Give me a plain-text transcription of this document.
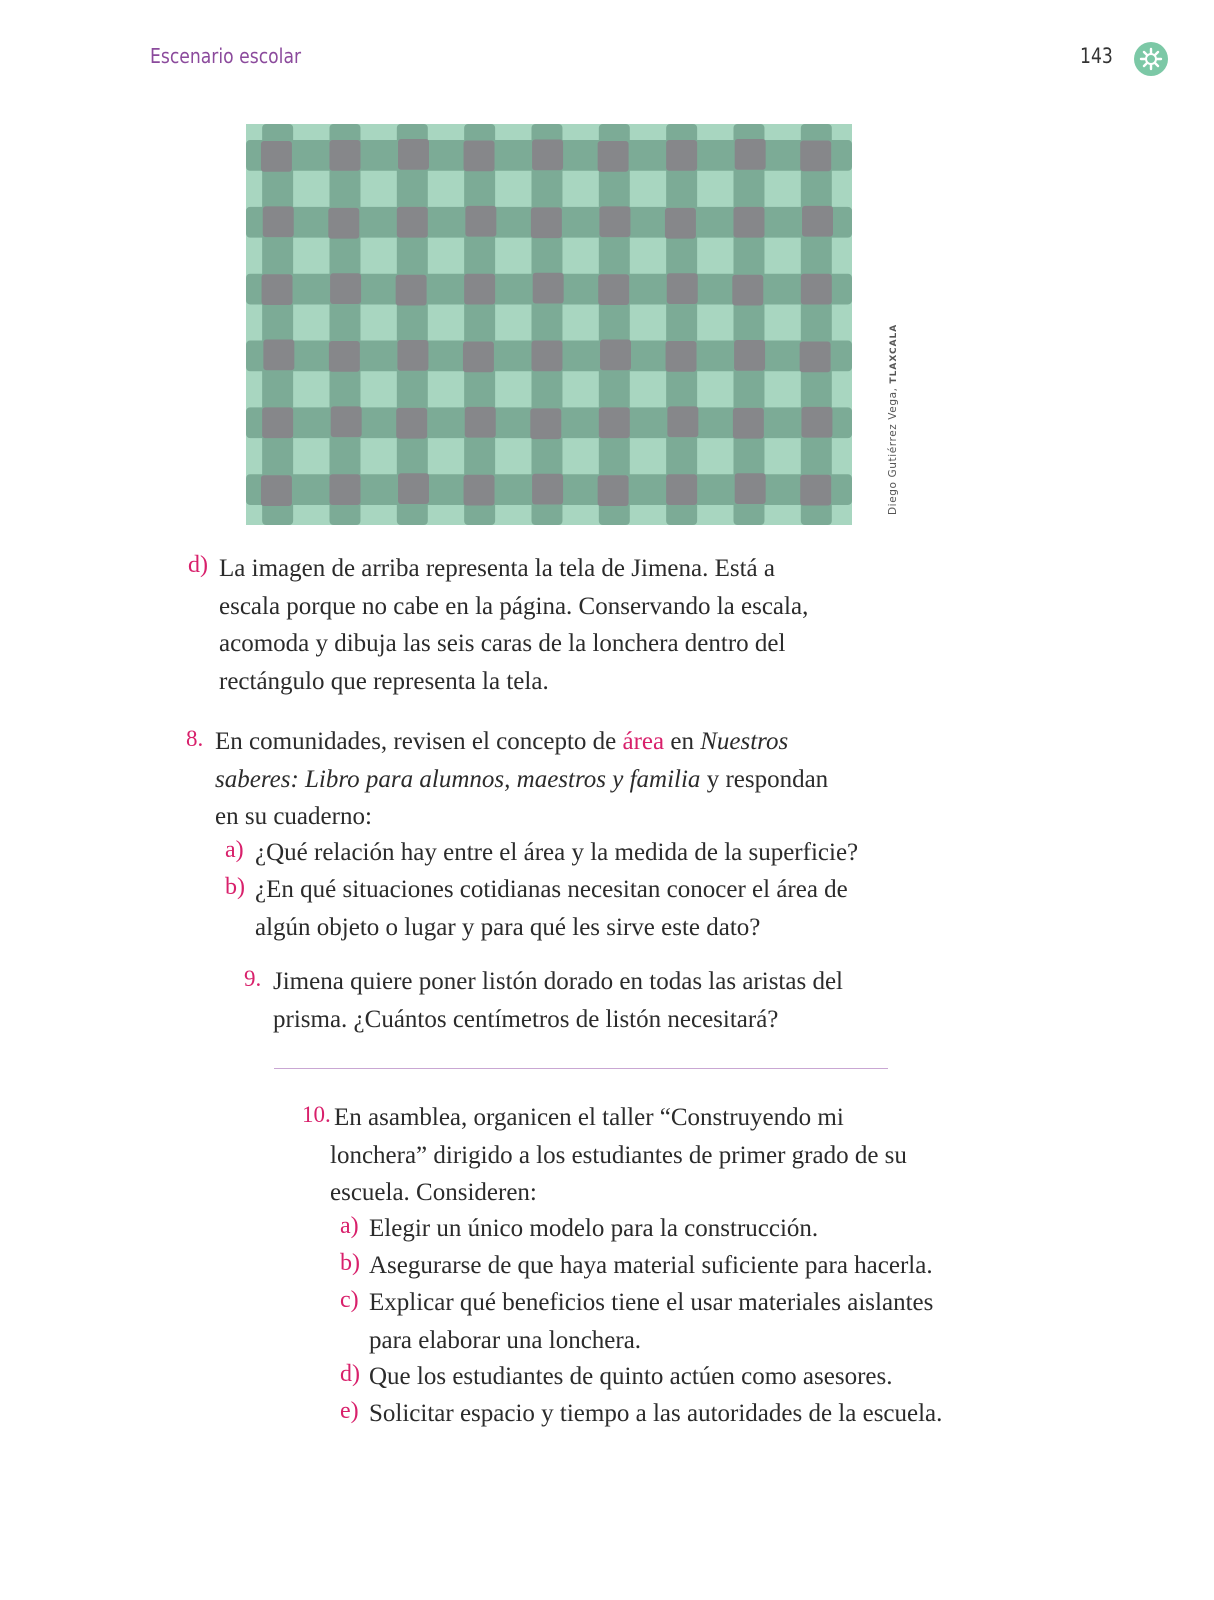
Escenario escolar	143
Diego Gutiérrez Vega, TLAXCALA
d) La imagen de arriba representa la tela de Jimena. Está a
escala porque no cabe en la página. Conservando la escala,
acomoda y dibuja las seis caras de la lonchera dentro del
rectángulo que representa la tela.
8. En comunidades, revisen el concepto de área en Nuestros
saberes: Libro para alumnos, maestros y familia y respondan
en su cuaderno:
a) ¿Qué relación hay entre el área y la medida de la superficie?
b) ¿En qué situaciones cotidianas necesitan conocer el área de
algún objeto o lugar y para qué les sirve este dato?
9. Jimena quiere poner listón dorado en todas las aristas del
prisma. ¿Cuántos centímetros de listón necesitará?
10. En asamblea, organicen el taller “Construyendo mi
lonchera” dirigido a los estudiantes de primer grado de su
escuela. Consideren:
a) Elegir un único modelo para la construcción.
b) Asegurarse de que haya material suficiente para hacerla.
c) Explicar qué beneficios tiene el usar materiales aislantes
para elaborar una lonchera.
d) Que los estudiantes de quinto actúen como asesores.
e) Solicitar espacio y tiempo a las autoridades de la escuela.
